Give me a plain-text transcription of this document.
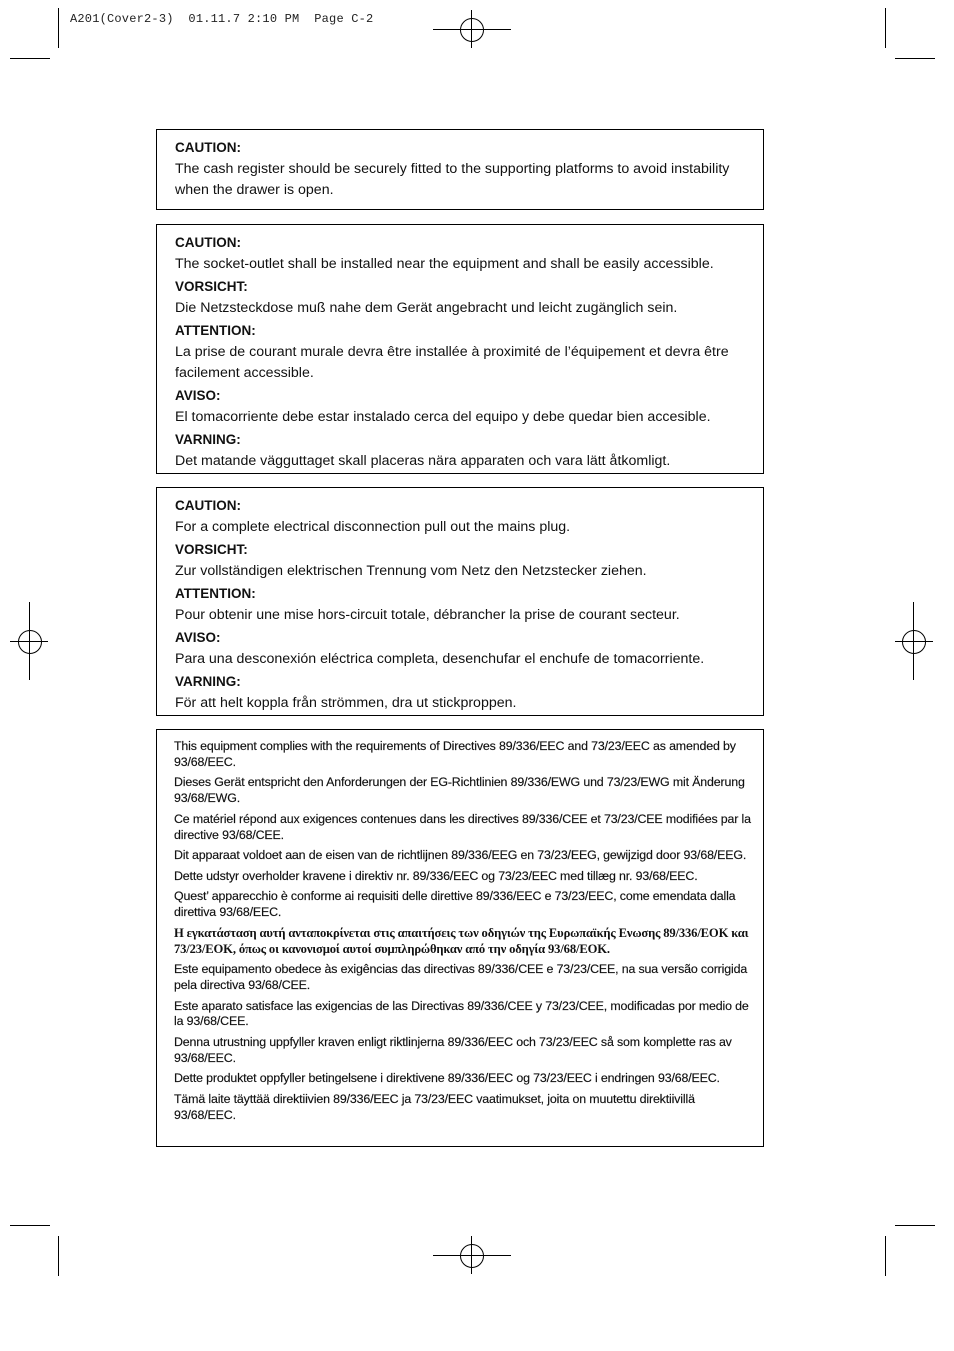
A201(Cover2-3)  01.11.7 2:10 PM  Page C-2
CAUTION:
The cash register should be securely fitted to the supporting platforms to avoid instability when the drawer is open.
CAUTION:
The socket-outlet shall be installed near the equipment and shall be easily accessible.
VORSICHT:
Die Netzsteckdose muß nahe dem Gerät angebracht und leicht zugänglich sein.
ATTENTION:
La prise de courant murale devra être installée à proximité de l’équipement et devra être facilement accessible.
AVISO:
El tomacorriente debe estar instalado cerca del equipo y debe quedar bien accesible.
VARNING:
Det matande vägguttaget skall placeras nära apparaten och vara lätt åtkomligt.
CAUTION:
For a complete electrical disconnection pull out the mains plug.
VORSICHT:
Zur vollständigen elektrischen Trennung vom Netz den Netzstecker ziehen.
ATTENTION:
Pour obtenir une mise hors-circuit totale, débrancher la prise de courant secteur.
AVISO:
Para una desconexión eléctrica completa, desenchufar el enchufe de tomacorriente.
VARNING:
För att helt koppla från strömmen, dra ut stickproppen.
This equipment complies with the requirements of Directives 89/336/EEC and 73/23/EEC as amended by 93/68/EEC.
Dieses Gerät entspricht den Anforderungen der EG-Richtlinien 89/336/EWG und 73/23/EWG mit Änderung 93/68/EWG.
Ce matériel répond aux exigences contenues dans les directives 89/336/CEE et 73/23/CEE modifiées par la directive 93/68/CEE.
Dit apparaat voldoet aan de eisen van de richtlijnen 89/336/EEG en 73/23/EEG, gewijzigd door 93/68/EEG.
Dette udstyr overholder kravene i direktiv nr. 89/336/EEC og 73/23/EEC med tillæg nr. 93/68/EEC.
Quest’ apparecchio è conforme ai requisiti delle direttive 89/336/EEC e 73/23/EEC, come emendata dalla direttiva 93/68/EEC.
Η εγκατάσταση αυτή ανταποκρίνεται στις απαιτήσεις των οδηγιών της Ευρωπαϊκής Ενωσης 89/336/ΕΟΚ και 73/23/ΕΟΚ, όπως οι κανονισμοί αυτοί συμπληρώθηκαν από την οδηγία 93/68/ΕΟΚ.
Este equipamento obedece às exigências das directivas 89/336/CEE e 73/23/CEE, na sua versão corrigida pela directiva 93/68/CEE.
Este aparato satisface las exigencias de las Directivas 89/336/CEE y 73/23/CEE, modificadas por medio de la 93/68/CEE.
Denna utrustning uppfyller kraven enligt riktlinjerna 89/336/EEC och 73/23/EEC så som komplette ras av 93/68/EEC.
Dette produktet oppfyller betingelsene i direktivene 89/336/EEC og 73/23/EEC i endringen 93/68/EEC.
Tämä laite täyttää direktiivien 89/336/EEC ja 73/23/EEC vaatimukset, joita on muutettu direktiivillä 93/68/EEC.
